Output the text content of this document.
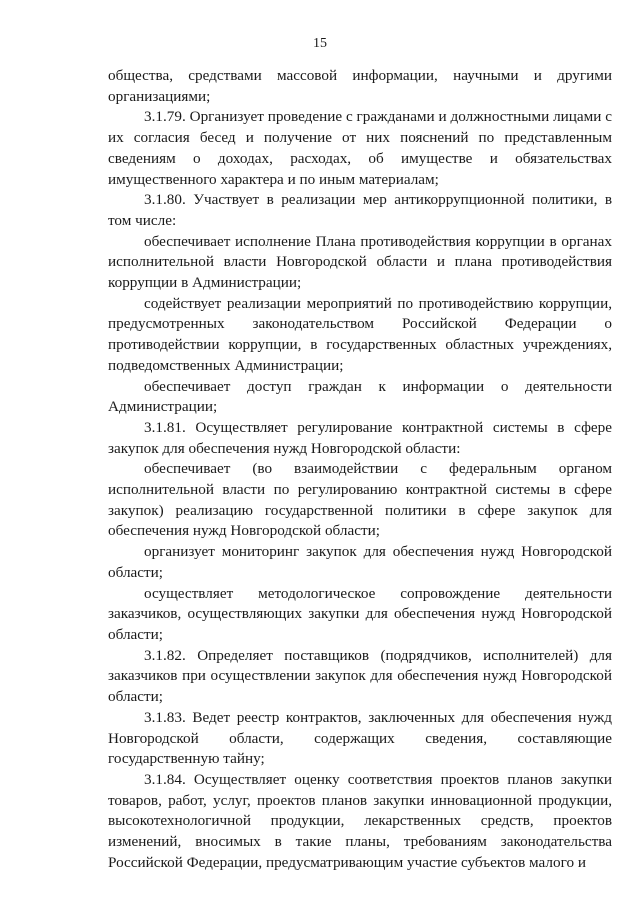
15

общества, средствами массовой информации, научными и другими организациями;

3.1.79. Организует проведение с гражданами и должностными лицами с их согласия бесед и получение от них пояснений по представленным сведениям о доходах, расходах, об имуществе и обязательствах имущественного характера и по иным материалам;

3.1.80. Участвует в реализации мер антикоррупционной политики, в том числе:

обеспечивает исполнение Плана противодействия коррупции в органах исполнительной власти Новгородской области и плана противодействия коррупции в Администрации;

содействует реализации мероприятий по противодействию коррупции, предусмотренных законодательством Российской Федерации о противодействии коррупции, в государственных областных учреждениях, подведомственных Администрации;

обеспечивает доступ граждан к информации о деятельности Администрации;

3.1.81. Осуществляет регулирование контрактной системы в сфере закупок для обеспечения нужд Новгородской области:

обеспечивает (во взаимодействии с федеральным органом исполнительной власти по регулированию контрактной системы в сфере закупок) реализацию государственной политики в сфере закупок для обеспечения нужд Новгородской области;

организует мониторинг закупок для обеспечения нужд Новгородской области;

осуществляет методологическое сопровождение деятельности заказчиков, осуществляющих закупки для обеспечения нужд Новгородской области;

3.1.82. Определяет поставщиков (подрядчиков, исполнителей) для заказчиков при осуществлении закупок для обеспечения нужд Новгородской области;

3.1.83. Ведет реестр контрактов, заключенных для обеспечения нужд Новгородской области, содержащих сведения, составляющие государственную тайну;

3.1.84. Осуществляет оценку соответствия проектов планов закупки товаров, работ, услуг, проектов планов закупки инновационной продукции, высокотехнологичной продукции, лекарственных средств, проектов изменений, вносимых в такие планы, требованиям законодательства Российской Федерации, предусматривающим участие субъектов малого и
